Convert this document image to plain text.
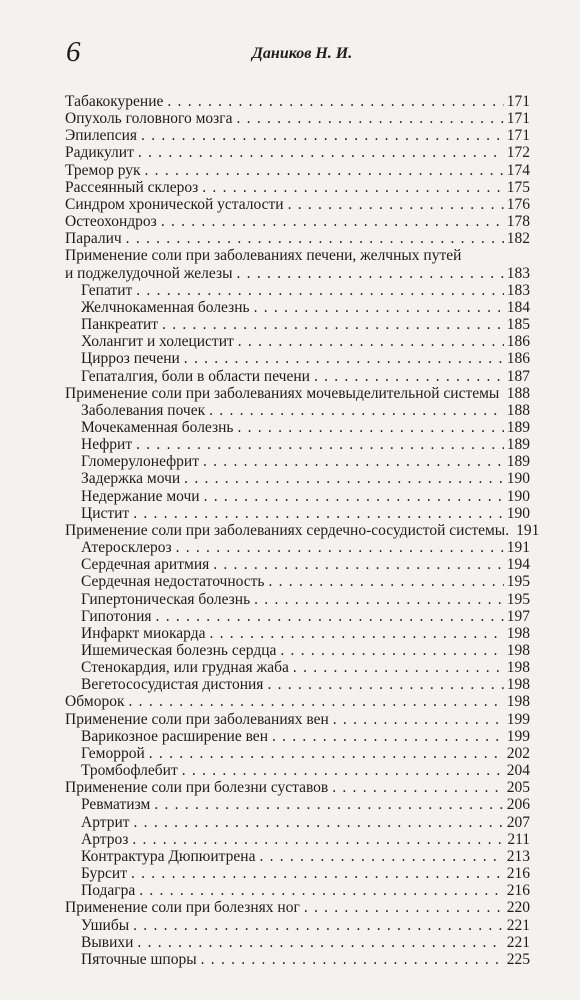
6	Даников Н. И.
Табакокурение . . .	171
Опухоль головного мозга . . .	171
Эпилепсия . . .	171
Радикулит . . .	172
Тремор рук . . .	174
Рассеянный склероз . . .	175
Синдром хронической усталости . . .	176
Остеохондроз . . .	178
Паралич . . .	182
Применение соли при заболеваниях печени, желчных путей
и поджелудочной железы . . .	183
Гепатит . . .	183
Желчнокаменная болезнь . . .	184
Панкреатит . . .	185
Холангит и холецистит . . .	186
Цирроз печени . . .	186
Гепаталгия, боли в области печени . . .	187
Применение соли при заболеваниях мочевыделительной системы . . . 188
Заболевания почек . . .	188
Мочекаменная болезнь . . .	189
Нефрит . . .	189
Гломерулонефрит . . .	189
Задержка мочи . . .	190
Недержание мочи . . .	190
Цистит . . .	190
Применение соли при заболеваниях сердечно-сосудистой системы. 191
Атеросклероз . . .	191
Сердечная аритмия . . .	194
Сердечная недостаточность . . .	195
Гипертоническая болезнь . . .	195
Гипотония . . .	197
Инфаркт миокарда . . .	198
Ишемическая болезнь сердца . . .	198
Стенокардия, или грудная жаба . . .	198
Вегетососудистая дистония . . .	198
Обморок . . .	198
Применение соли при заболеваниях вен . . .	199
Варикозное расширение вен . . .	199
Геморрой . . .	202
Тромбофлебит . . .	204
Применение соли при болезни суставов . . .	205
Ревматизм . . .	206
Артрит . . .	207
Артроз . . .	211
Контрактура Дюпюитрена . . .	213
Бурсит . . .	216
Подагра . . .	216
Применение соли при болезнях ног . . .	220
Ушибы . . .	221
Вывихи . . .	221
Пяточные шпоры . . .	225
